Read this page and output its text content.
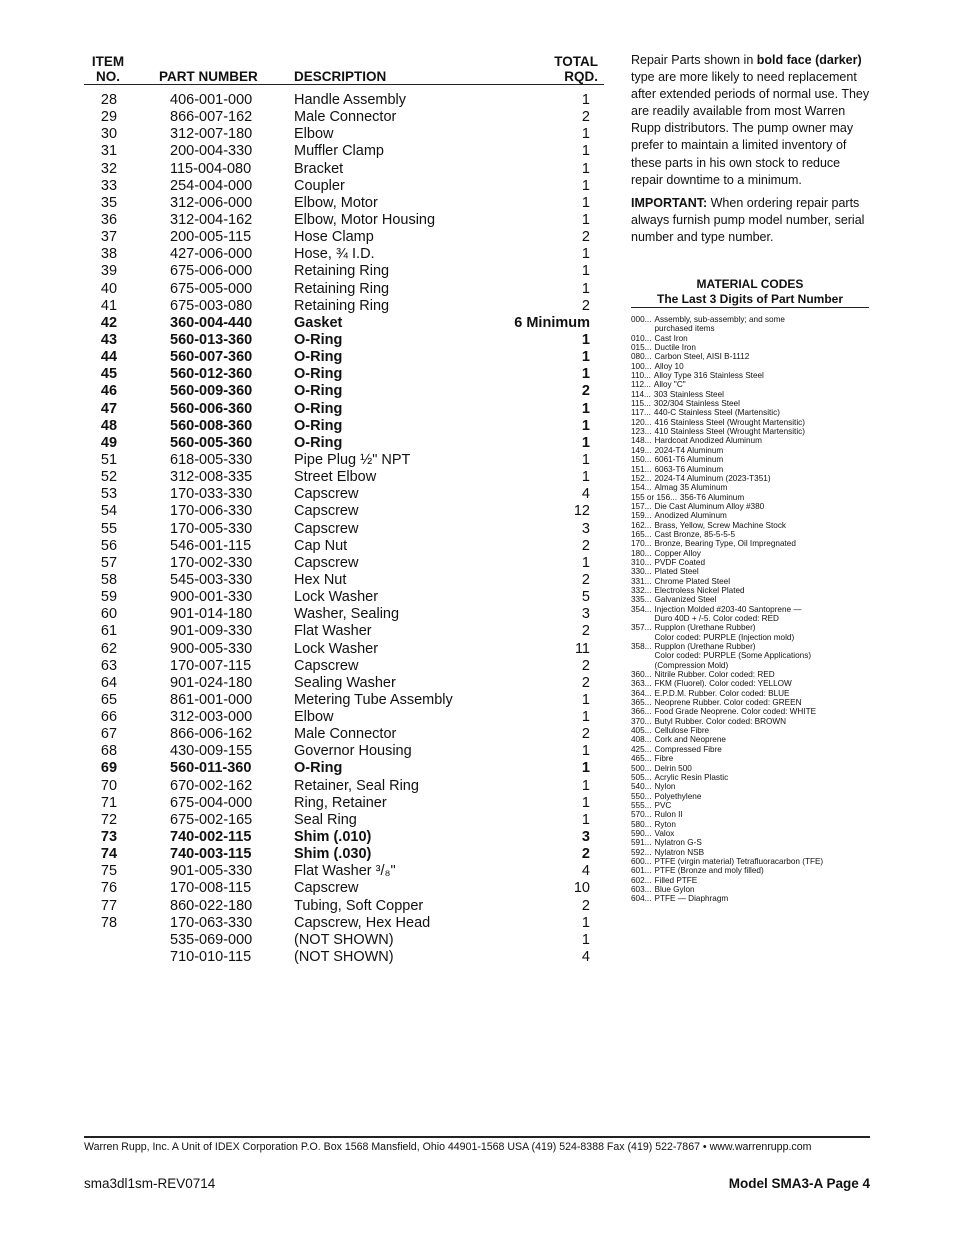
ITEM
NO.	PART NUMBER	DESCRIPTION
TOTAL
RQD.
28	406-001-000	Handle Assembly	1
29	866-007-162	Male Connector	2
30	312-007-180	Elbow	1
31	200-004-330	Muffler Clamp	1
32	115-004-080	Bracket	1
33	254-004-000	Coupler	1
35	312-006-000	Elbow, Motor	1
36	312-004-162	Elbow, Motor Housing	1
37	200-005-115	Hose Clamp	2
38	427-006-000	Hose, ¾ I.D.	1
39	675-006-000	Retaining Ring	1
40	675-005-000	Retaining Ring	1
41	675-003-080	Retaining Ring	2
42	360-004-440	Gasket	6 Minimum
43	560-013-360	O-Ring	1
44	560-007-360	O-Ring	1
45	560-012-360	O-Ring	1
46	560-009-360	O-Ring	2
47	560-006-360	O-Ring	1
48	560-008-360	O-Ring	1
49	560-005-360	O-Ring	1
51	618-005-330	Pipe Plug ½" NPT	1
52	312-008-335	Street Elbow	1
53	170-033-330	Capscrew	4
54	170-006-330	Capscrew	12
55	170-005-330	Capscrew	3
56	546-001-115	Cap Nut	2
57	170-002-330	Capscrew	1
58	545-003-330	Hex Nut	2
59	900-001-330	Lock Washer	5
60	901-014-180	Washer, Sealing	3
61	901-009-330	Flat Washer	2
62	900-005-330	Lock Washer	11
63	170-007-115	Capscrew	2
64	901-024-180	Sealing Washer	2
65	861-001-000	Metering Tube Assembly	1
66	312-003-000	Elbow	1
67	866-006-162	Male Connector	2
68	430-009-155	Governor Housing	1
69	560-011-360	O-Ring	1
70	670-002-162	Retainer, Seal Ring	1
71	675-004-000	Ring, Retainer	1
72	675-002-165	Seal Ring	1
73	740-002-115	Shim (.010)	3
74	740-003-115	Shim (.030)	2
75	901-005-330	Flat Washer ³/₈"	4
76	170-008-115	Capscrew	10
77	860-022-180	Tubing, Soft Copper	2
78	170-063-330	Capscrew, Hex Head	1
535-069-000	(NOT SHOWN)	1
710-010-115	(NOT SHOWN)	4

Repair Parts shown in bold face (darker) type are more likely to need replacement after extended periods of normal use. They are readily available from most Warren Rupp distributors. The pump owner may prefer to maintain a limited inventory of these parts in his own stock to reduce repair downtime to a minimum.

IMPORTANT: When ordering repair parts always furnish pump model number, serial number and type number.

MATERIAL CODES
The Last 3 Digits of Part Number
000... Assembly, sub-assembly; and some
purchased items
010... Cast Iron
015... Ductile Iron
080... Carbon Steel, AISI B-1112
100... Alloy 10
110... Alloy Type 316 Stainless Steel
112... Alloy "C"
114... 303 Stainless Steel
115... 302/304 Stainless Steel
117... 440-C Stainless Steel (Martensitic)
120... 416 Stainless Steel (Wrought Martensitic)
123... 410 Stainless Steel (Wrought Martensitic)
148... Hardcoat Anodized Aluminum
149... 2024-T4 Aluminum
150... 6061-T6 Aluminum
151... 6063-T6 Aluminum
152... 2024-T4 Aluminum (2023-T351)
154... Almag 35 Aluminum
155 or 156... 356-T6 Aluminum
157... Die Cast Aluminum Alloy #380
159... Anodized Aluminum
162... Brass, Yellow, Screw Machine Stock
165... Cast Bronze, 85-5-5-5
170... Bronze, Bearing Type, Oil Impregnated
180... Copper Alloy
310... PVDF Coated
330... Plated Steel
331... Chrome Plated Steel
332... Electroless Nickel Plated
335... Galvanized Steel
354... Injection Molded #203-40 Santoprene —
Duro 40D + /-5. Color coded: RED
357... Rupplon (Urethane Rubber)
Color coded: PURPLE (Injection mold)
358... Rupplon (Urethane Rubber)
Color coded: PURPLE (Some Applications)
(Compression Mold)
360... Nitrile Rubber. Color coded: RED
363... FKM (Fluorel). Color coded: YELLOW
364... E.P.D.M. Rubber. Color coded: BLUE
365... Neoprene Rubber. Color coded: GREEN
366... Food Grade Neoprene. Color coded: WHITE
370... Butyl Rubber. Color coded: BROWN
405... Cellulose Fibre
408... Cork and Neoprene
425... Compressed Fibre
465... Fibre
500... Delrin 500
505... Acrylic Resin Plastic
540... Nylon
550... Polyethylene
555... PVC
570... Rulon II
580... Ryton
590... Valox
591... Nylatron G-S
592... Nylatron NSB
600... PTFE (virgin material) Tetrafluoracarbon (TFE)
601... PTFE (Bronze and moly filled)
602... Filled PTFE
603... Blue Gylon
604... PTFE — Diaphragm
Warren Rupp, Inc. A Unit of IDEX Corporation P.O. Box 1568 Mansfield, Ohio 44901-1568 USA (419) 524-8388 Fax (419) 522-7867 • www.warrenrupp.com
sma3dl1sm-REV0714	Model SMA3-A Page 4
